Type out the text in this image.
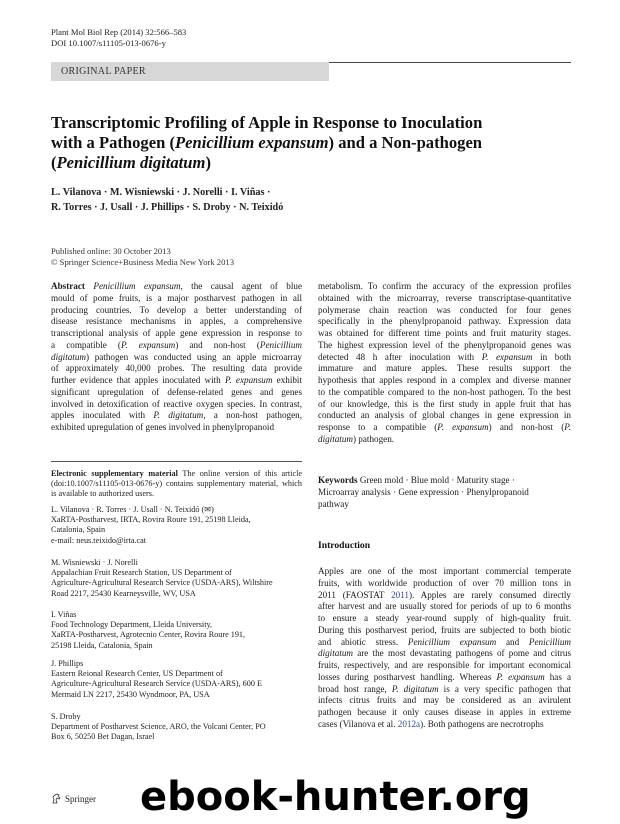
Plant Mol Biol Rep (2014) 32:566–583
DOI 10.1007/s11105-013-0676-y
ORIGINAL PAPER
Transcriptomic Profiling of Apple in Response to Inoculation
with a Pathogen (Penicillium expansum) and a Non-pathogen
(Penicillium digitatum)
L. Vilanova · M. Wisniewski · J. Norelli · I. Viñas ·
R. Torres · J. Usall · J. Phillips · S. Droby · N. Teixidó
Published online: 30 October 2013
© Springer Science+Business Media New York 2013
Abstract Penicillium expansum, the causal agent of blue
mould of pome fruits, is a major postharvest pathogen in all
producing countries. To develop a better understanding of
disease resistance mechanisms in apples, a comprehensive
transcriptional analysis of apple gene expression in response to
a compatible (P. expansum) and non-host (Penicillium
digitatum) pathogen was conducted using an apple microarray
of approximately 40,000 probes. The resulting data provide
further evidence that apples inoculated with P. expansum exhibit
significant upregulation of defense-related genes and genes
involved in detoxification of reactive oxygen species. In contrast,
apples inoculated with P. digitatum, a non-host pathogen,
exhibited upregulation of genes involved in phenylpropanoid
Electronic supplementary material The online version of this article (doi:10.1007/s11105-013-0676-y) contains supplementary material, which is available to authorized users.
L. Vilanova · R. Torres · J. Usall · N. Teixidó (✉)
XaRTA-Postharvest, IRTA, Rovira Roure 191, 25198 Lleida,
Catalonia, Spain
e-mail: neus.teixido@irta.cat
M. Wisniewski · J. Norelli
Appalachian Fruit Research Station, US Department of
Agriculture-Agricultural Research Service (USDA-ARS), Wiltshire
Road 2217, 25430 Kearneysville, WV, USA
I. Viñas
Food Technology Department, Lleida University,
XaRTA-Postharvest, Agrotecnio Center, Rovira Roure 191,
25198 Lleida, Catalonia, Spain
J. Phillips
Eastern Reional Research Center, US Department of
Agriculture-Agricultural Research Service (USDA-ARS), 600 E
Mermaid LN 2217, 25430 Wyndmoor, PA, USA
S. Droby
Department of Postharvest Science, ARO, the Volcani Center, PO
Box 6, 50250 Bet Dagan, Israel
metabolism. To confirm the accuracy of the expression profiles
obtained with the microarray, reverse transcriptase-quantitative
polymerase chain reaction was conducted for four genes
specifically in the phenylpropanoid pathway. Expression data
was obtained for different time points and fruit maturity stages.
The highest expression level of the phenylpropanoid genes was
detected 48 h after inoculation with P. expansum in both
immature and mature apples. These results support the
hypothesis that apples respond in a complex and diverse manner
to the compatible compared to the non-host pathogen. To the best
of our knowledge, this is the first study in apple fruit that has
conducted an analysis of global changes in gene expression in
response to a compatible (P. expansum) and non-host (P.
digitatum) pathogen.
Keywords Green mold · Blue mold · Maturity stage ·
Microarray analysis · Gene expression · Phenylpropanoid
pathway
Introduction
Apples are one of the most important commercial temperate
fruits, with worldwide production of over 70 million tons in
2011 (FAOSTAT 2011). Apples are rarely consumed directly
after harvest and are usually stored for periods of up to 6 months
to ensure a steady year-round supply of high-quality fruit.
During this postharvest period, fruits are subjected to both biotic
and abiotic stress. Penicillium expansum and Penicillium
digitatum are the most devastating pathogens of pome and citrus
fruits, respectively, and are responsible for important economical
losses during postharvest handling. Whereas P. expansum has a
broad host range, P. digitatum is a very specific pathogen that
infects citrus fruits and may be considered as an avirulent
pathogen because it only causes disease in apples in extreme
cases (Vilanova et al. 2012a). Both pathogens are necrotrophs
Springer ebook-hunter.org
